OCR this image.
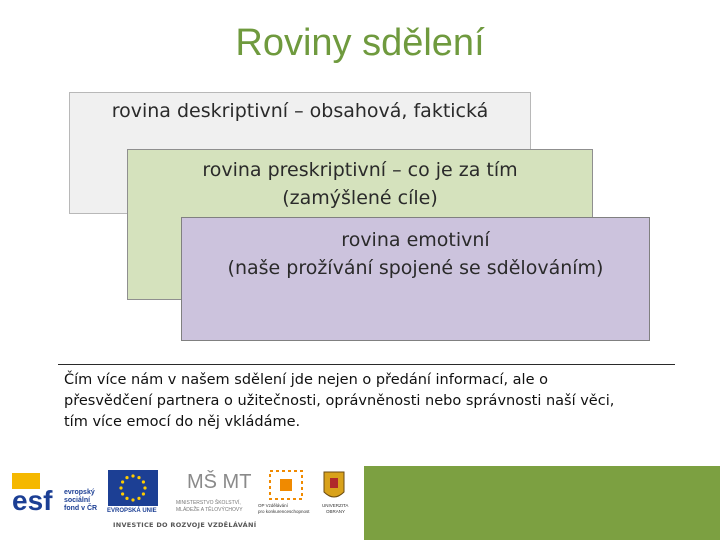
Roviny sdělení
rovina deskriptivní – obsahová, faktická
rovina preskriptivní – co je za tím
(zamýšlené cíle)
rovina emotivní
(naše prožívání spojené se sdělováním)
Čím více nám v našem sdělení jde nejen o předání informací, ale o
přesvědčení partnera o užitečnosti, oprávněnosti nebo správnosti naší věci,
tím více emocí do něj vkládáme.
esf evropský
sociální
fond v ČR EVROPSKÁ UNIE
MŠ MT
MINISTERSTVO ŠKOLSTVÍ,
MLÁDEŽE A TĚLOVÝCHOVY
OP Vzdělávání
pro konkurenceschopnost
UNIVERZITA
OBRANY
INVESTICE DO ROZVOJE VZDĚLÁVÁNÍ
